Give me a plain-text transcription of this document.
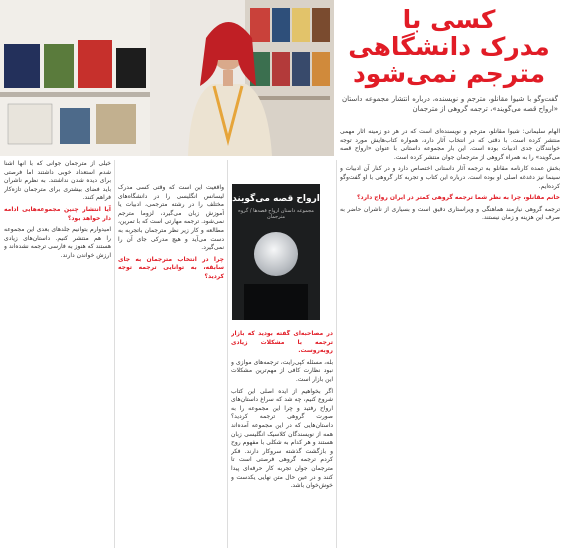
کسی با
مدرک دانشگاهی
مترجم نمی‌شود
گفت‌وگو با شیوا مقانلو، مترجم و نویسنده، درباره انتشار مجموعه داستان «ارواح قصه می‌گویند»، ترجمه گروهی از مترجمان

الهام سلیمانی: شیوا مقانلو، مترجم و نویسنده‌ای است که در هر دو زمینه آثار مهمی منتشر کرده است. با دقتی که در انتخاب آثار دارد، همواره کتاب‌هایش مورد توجه خوانندگان جدی ادبیات بوده است. این بار مجموعه داستانی با عنوان «ارواح قصه می‌گویند» را به همراه گروهی از مترجمان جوان منتشر کرده است.

بخش عمده کارنامه مقانلو به ترجمه آثار داستانی اختصاص دارد و در کنار آن ادبیات و سینما نیز دغدغه اصلی او بوده است. درباره این کتاب و تجربه کار گروهی با او گفت‌وگو کرده‌ایم.

خانم مقانلو، چرا به نظر شما ترجمه گروهی کمتر در ایران رواج دارد؟

ترجمه گروهی نیازمند هماهنگی و ویراستاری دقیق است و بسیاری از ناشران حاضر به صرف این هزینه و زمان نیستند.

در مصاحبه‌ای گفته بودید که بازار ترجمه با مشکلات زیادی روبه‌روست.

بله، مسئله کپی‌رایت، ترجمه‌های موازی و نبود نظارت کافی از مهم‌ترین مشکلات این بازار است.

اگر بخواهیم از ایده اصلی این کتاب شروع کنیم، چه شد که سراغ داستان‌های ارواح رفتید و چرا این مجموعه را به صورت گروهی ترجمه کردید؟ داستان‌هایی که در این مجموعه آمده‌اند همه از نویسندگان کلاسیک انگلیسی زبان هستند و هر کدام به شکلی با مفهوم روح و بازگشت گذشته سروکار دارند. فکر کردم ترجمه گروهی فرصتی است تا مترجمان جوان تجربه کار حرفه‌ای پیدا کنند و در عین حال متن نهایی یکدست و خوش‌خوان باشد.

ارواح قصه می‌گویند
مجموعه داستان ارواح قصه‌ها / گروه مترجمان

واقعیت این است که وقتی کسی مدرک لیسانس انگلیسی را در دانشگاه‌های مختلف را در رشته مترجمی، ادبیات یا آموزش زبان می‌گیرد، لزوما مترجم نمی‌شود. ترجمه مهارتی است که با تمرین، مطالعه و کار زیر نظر مترجمان باتجربه به دست می‌آید و هیچ مدرکی جای آن را نمی‌گیرد.

چرا در انتخاب مترجمان به جای سابقه، به توانایی ترجمه توجه کردید؟

خیلی از مترجمان جوانی که با آنها آشنا شدم استعداد خوبی داشتند اما فرصتی برای دیده شدن نداشتند. به نظرم ناشران باید فضای بیشتری برای مترجمان تازه‌کار فراهم کنند.

آیا انتشار چنین مجموعه‌هایی ادامه دار خواهد بود؟

امیدوارم بتوانیم جلدهای بعدی این مجموعه را هم منتشر کنیم. داستان‌های زیادی هستند که هنوز به فارسی ترجمه نشده‌اند و ارزش خواندن دارند.
